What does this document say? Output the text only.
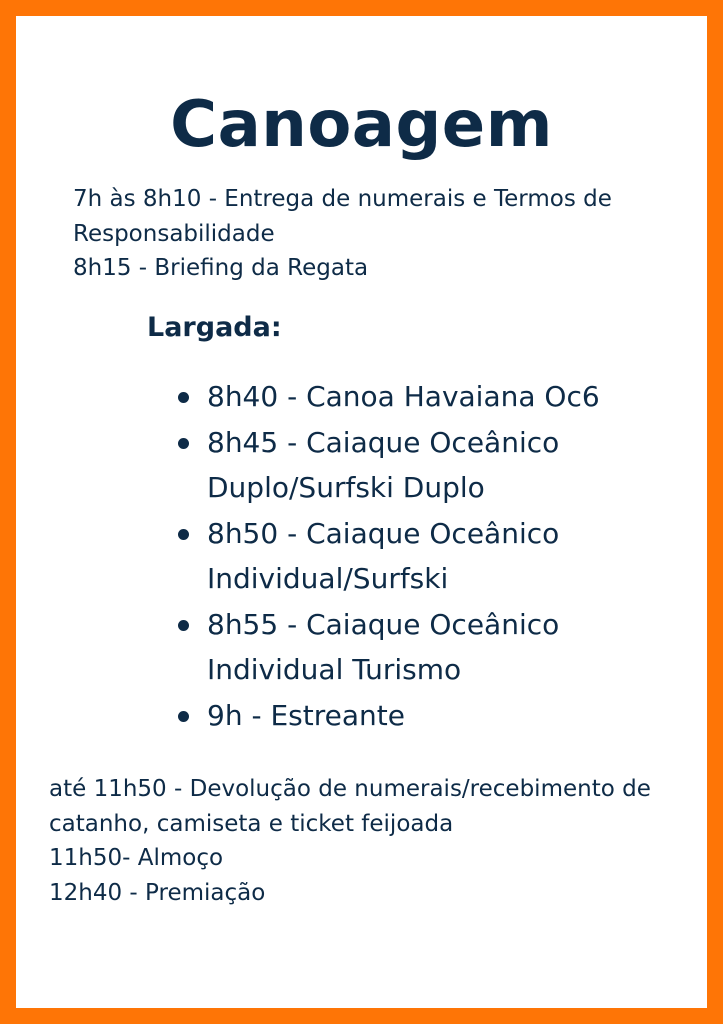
Canoagem

7h às 8h10 - Entrega de numerais e Termos de Responsabilidade

8h15 - Briefing da Regata

Largada:
8h40 - Canoa Havaiana Oc6
8h45 - Caiaque Oceânico Duplo/Surfski Duplo
8h50 - Caiaque Oceânico Individual/Surfski
8h55 - Caiaque Oceânico Individual Turismo
9h - Estreante

até 11h50 - Devolução de numerais/recebimento de catanho, camiseta e ticket feijoada

11h50- Almoço

12h40 - Premiação
